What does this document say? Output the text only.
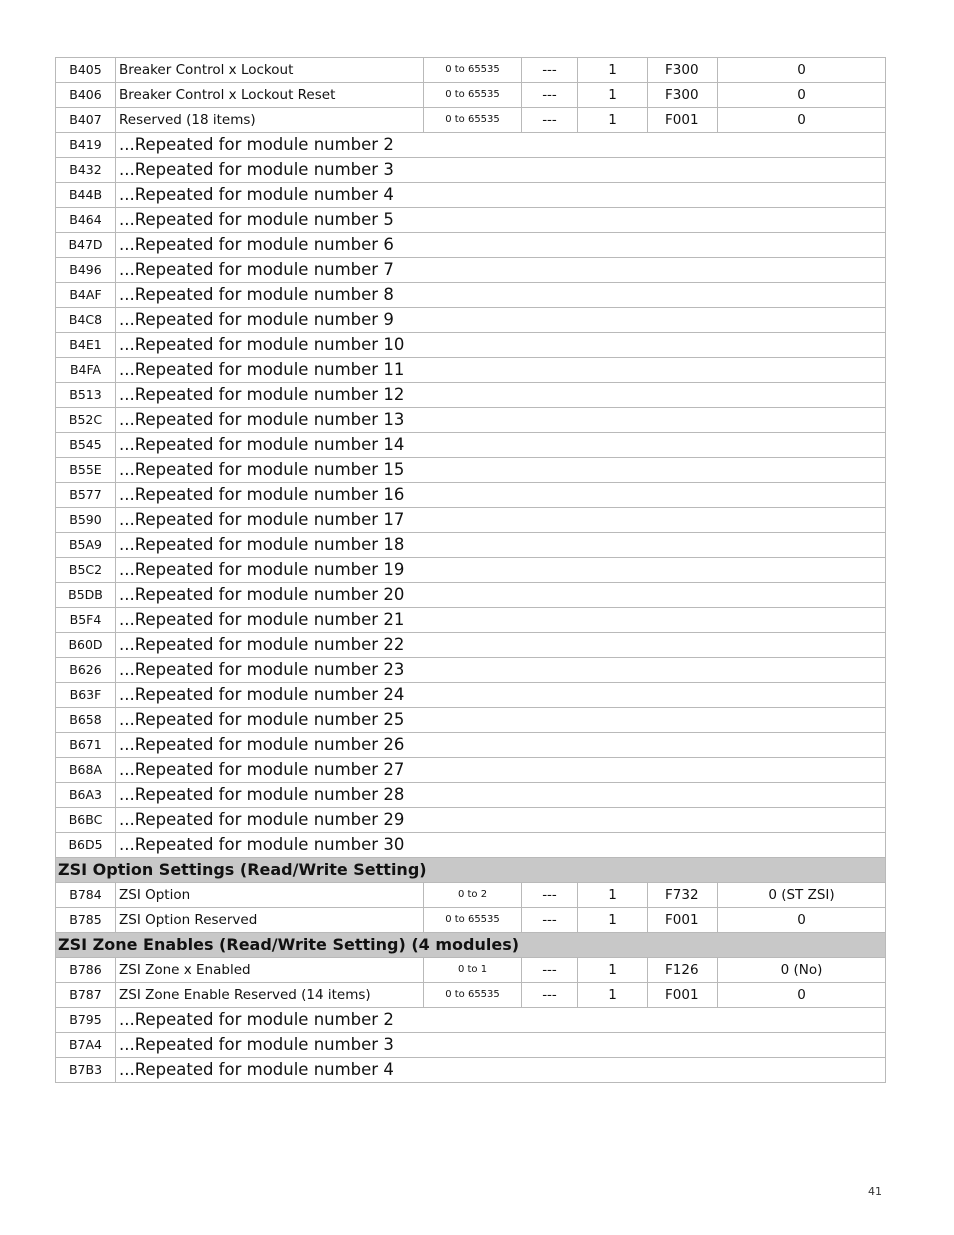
B405	Breaker Control x Lockout	0 to 65535	---	1	F300	0
B406	Breaker Control x Lockout Reset	0 to 65535	---	1	F300	0
B407	Reserved (18 items)	0 to 65535	---	1	F001	0
B419	...Repeated for module number 2					
B432	...Repeated for module number 3					
B44B	...Repeated for module number 4					
B464	...Repeated for module number 5					
B47D	...Repeated for module number 6					
B496	...Repeated for module number 7					
B4AF	...Repeated for module number 8					
B4C8	...Repeated for module number 9					
B4E1	...Repeated for module number 10					
B4FA	...Repeated for module number 11					
B513	...Repeated for module number 12					
B52C	...Repeated for module number 13					
B545	...Repeated for module number 14					
B55E	...Repeated for module number 15					
B577	...Repeated for module number 16					
B590	...Repeated for module number 17					
B5A9	...Repeated for module number 18					
B5C2	...Repeated for module number 19					
B5DB	...Repeated for module number 20					
B5F4	...Repeated for module number 21					
B60D	...Repeated for module number 22					
B626	...Repeated for module number 23					
B63F	...Repeated for module number 24					
B658	...Repeated for module number 25					
B671	...Repeated for module number 26					
B68A	...Repeated for module number 27					
B6A3	...Repeated for module number 28					
B6BC	...Repeated for module number 29					
B6D5	...Repeated for module number 30					
ZSI Option Settings (Read/Write Setting)						
B784	ZSI Option	0 to 2	---	1	F732	0 (ST ZSI)
B785	ZSI Option Reserved	0 to 65535	---	1	F001	0
ZSI Zone Enables (Read/Write Setting) (4 modules)						
B786	ZSI Zone x Enabled	0 to 1	---	1	F126	0 (No)
B787	ZSI Zone Enable Reserved (14 items)	0 to 65535	---	1	F001	0
B795	...Repeated for module number 2					
B7A4	...Repeated for module number 3					
B7B3	...Repeated for module number 4					
41
